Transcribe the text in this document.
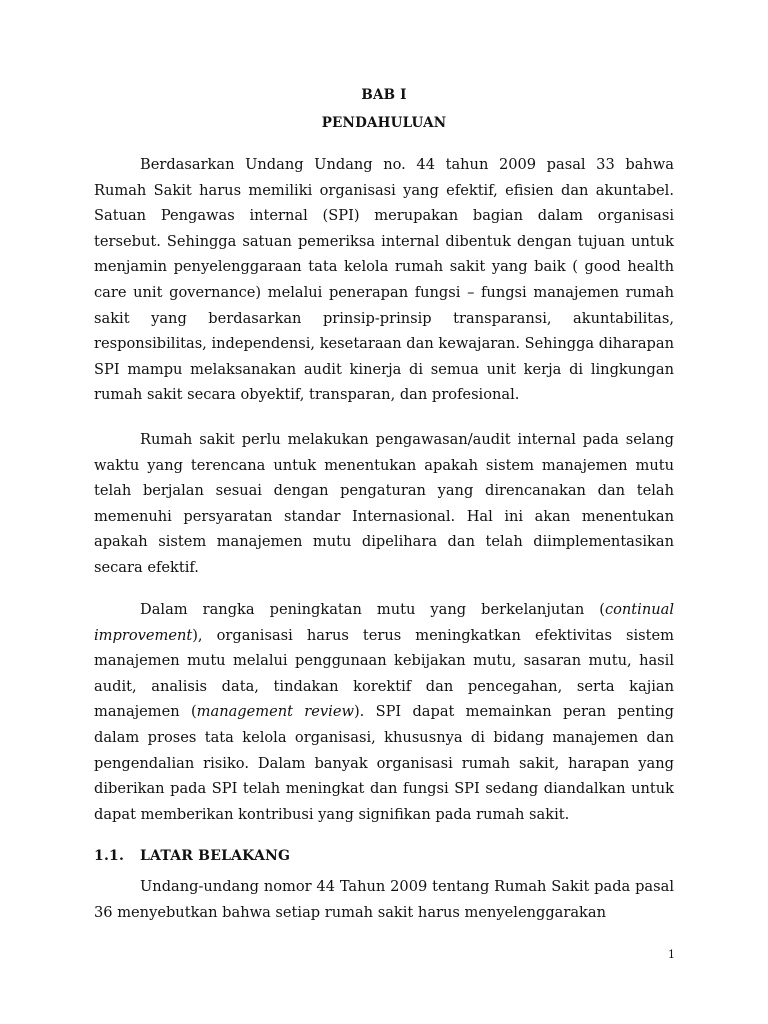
BAB I
PENDAHULUAN

Berdasarkan Undang Undang no. 44 tahun 2009 pasal 33 bahwa Rumah Sakit harus memiliki organisasi yang efektif, efisien dan akuntabel. Satuan Pengawas internal (SPI) merupakan bagian dalam organisasi tersebut. Sehingga satuan pemeriksa internal dibentuk dengan tujuan untuk menjamin penyelenggaraan tata kelola rumah sakit yang baik ( good health care unit governance) melalui penerapan fungsi – fungsi manajemen rumah sakit yang berdasarkan prinsip-prinsip transparansi, akuntabilitas, responsibilitas, independensi, kesetaraan dan kewajaran. Sehingga diharapan SPI mampu melaksanakan audit kinerja di semua unit kerja di lingkungan rumah sakit secara obyektif, transparan, dan profesional.

Rumah sakit perlu melakukan pengawasan/audit internal pada selang waktu yang terencana untuk menentukan apakah sistem manajemen mutu telah berjalan sesuai dengan pengaturan yang direncanakan dan telah memenuhi persyaratan standar Internasional. Hal ini akan menentukan apakah sistem manajemen mutu dipelihara dan telah diimplementasikan secara efektif.

Dalam rangka peningkatan mutu yang berkelanjutan (continual improvement), organisasi harus terus meningkatkan efektivitas sistem manajemen mutu melalui penggunaan kebijakan mutu, sasaran mutu, hasil audit, analisis data, tindakan korektif dan pencegahan, serta kajian manajemen (management review). SPI dapat memainkan peran penting dalam proses tata kelola organisasi, khususnya di bidang manajemen dan pengendalian risiko. Dalam banyak organisasi rumah sakit, harapan yang diberikan pada SPI telah meningkat dan fungsi SPI sedang diandalkan untuk dapat memberikan kontribusi yang signifikan pada rumah sakit.

1.1. LATAR BELAKANG

Undang-undang nomor 44 Tahun 2009 tentang Rumah Sakit pada pasal 36 menyebutkan bahwa setiap rumah sakit harus menyelenggarakan

1
